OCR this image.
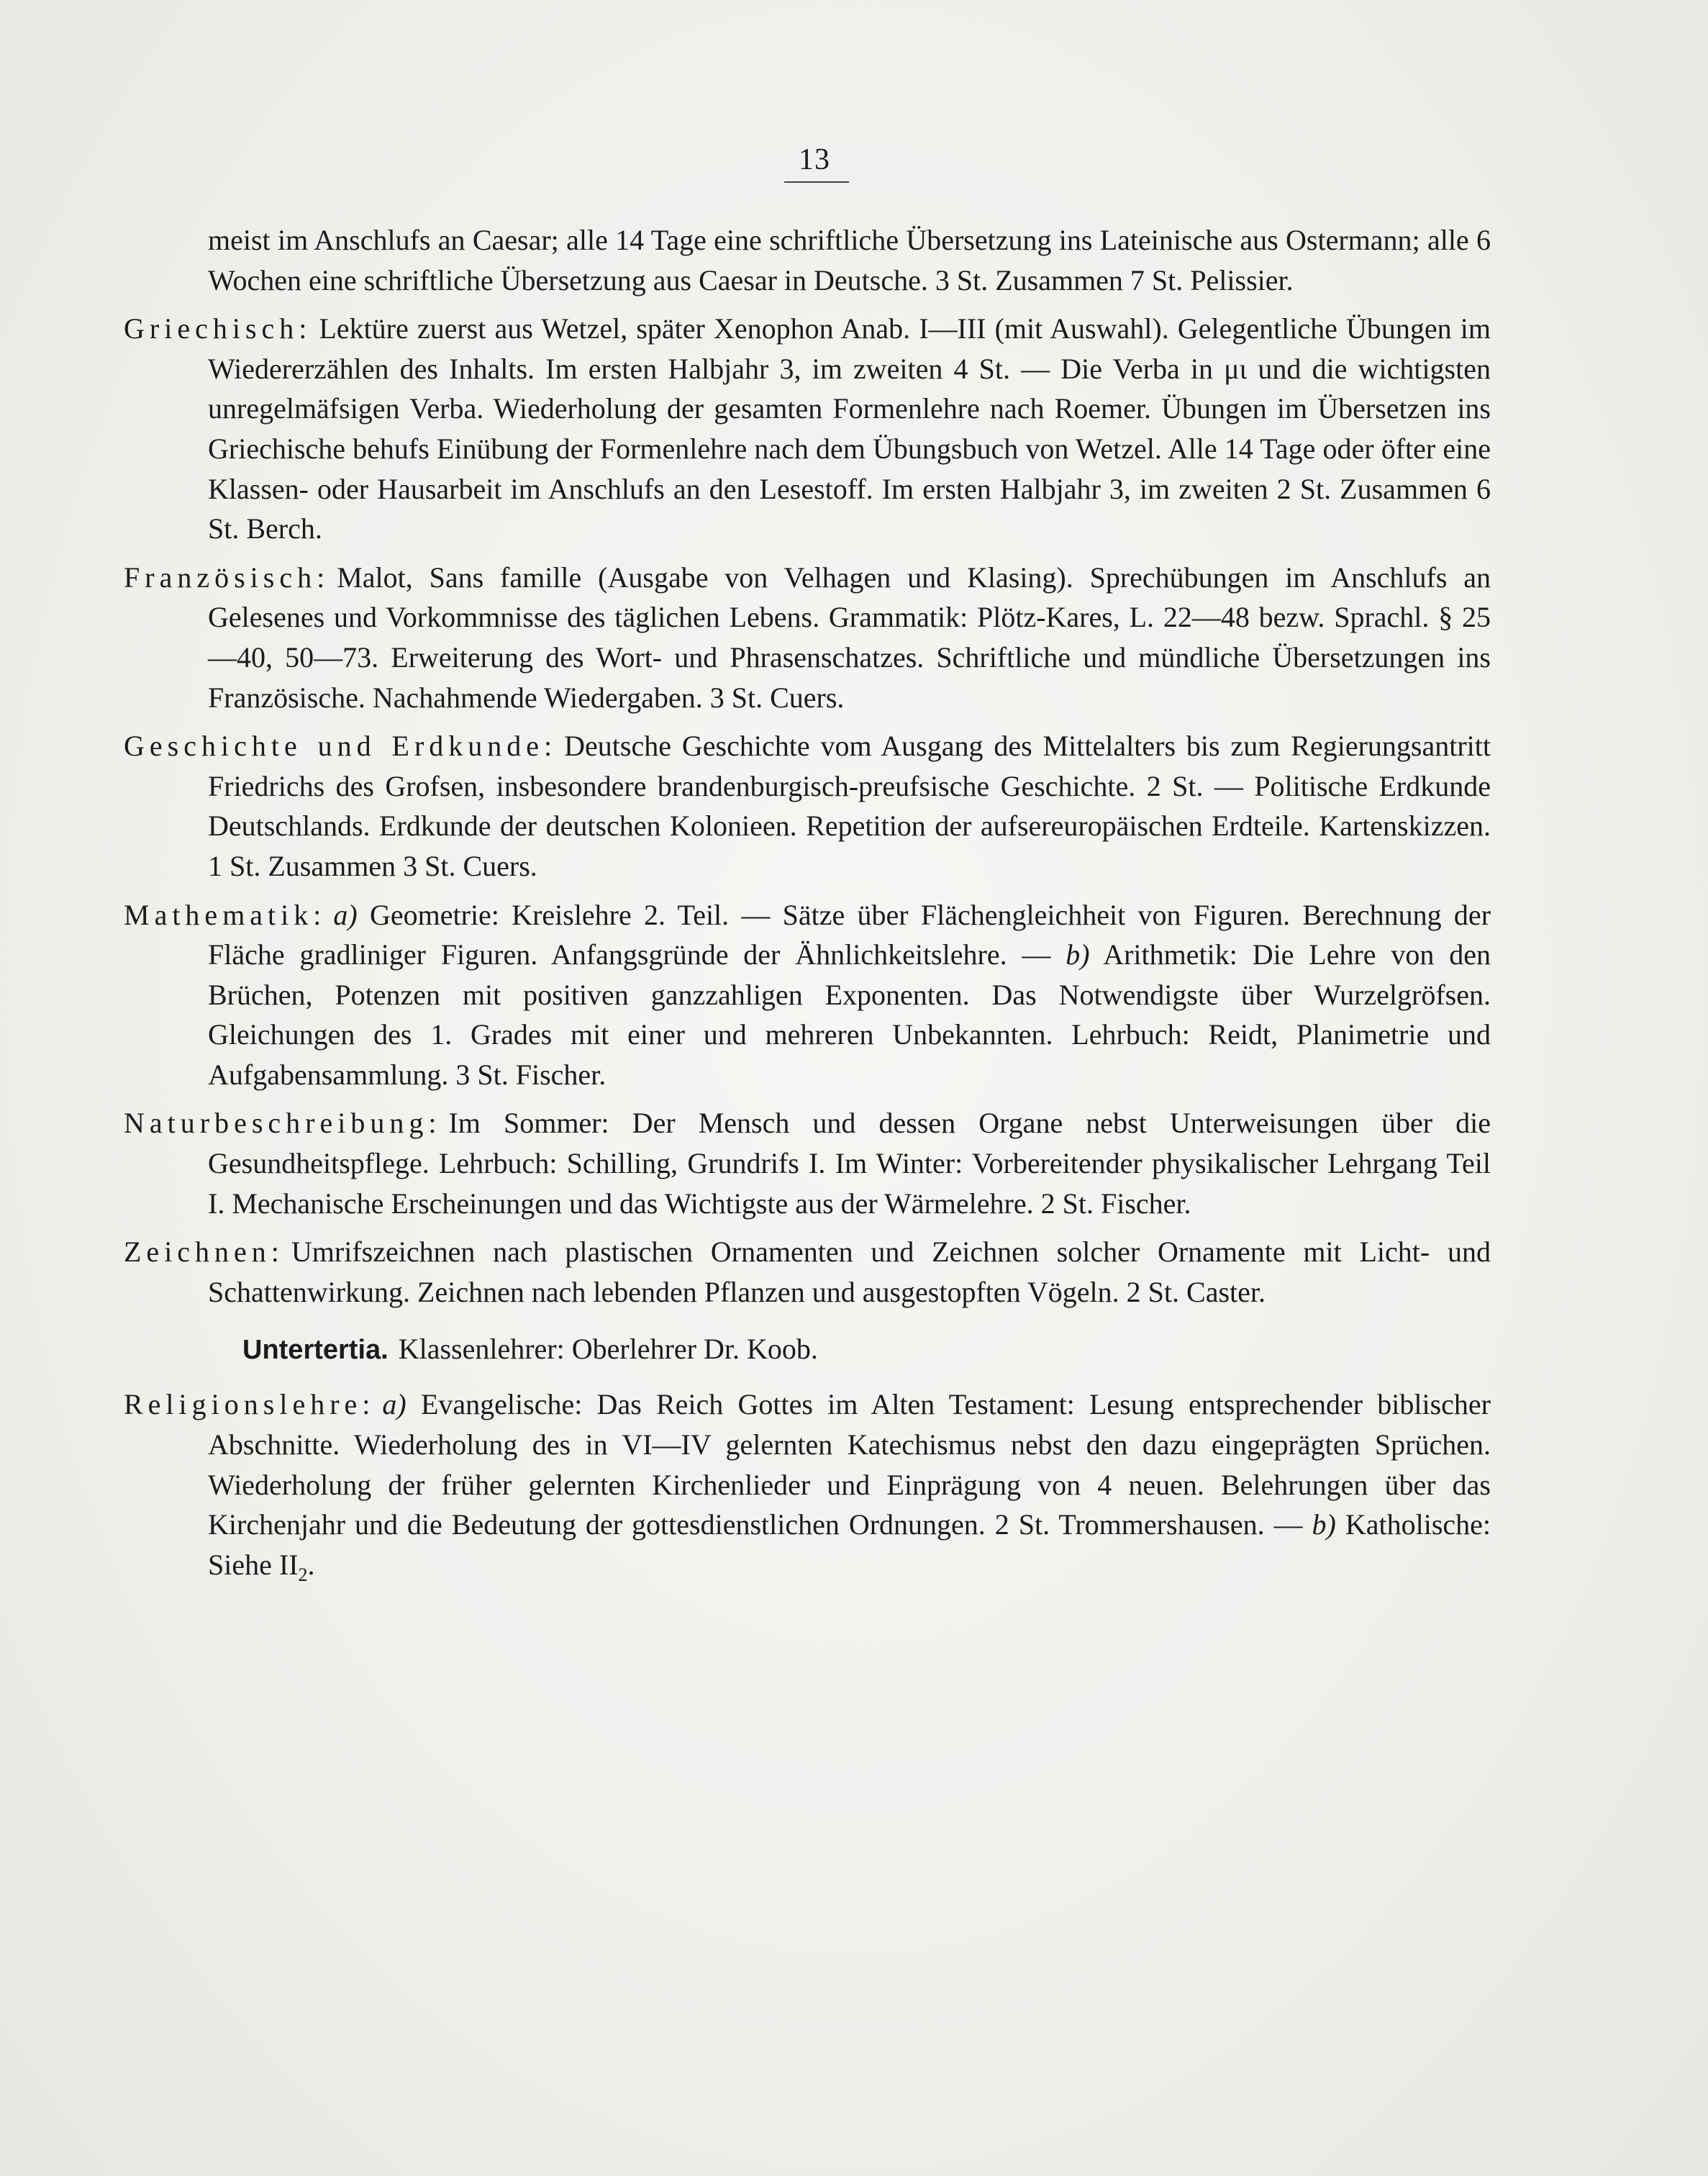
13

meist im Anschlufs an Caesar; alle 14 Tage eine schriftliche Übersetzung ins Lateinische aus Ostermann; alle 6 Wochen eine schriftliche Übersetzung aus Caesar in Deutsche. 3 St. Zusammen 7 St. Pelissier.

Griechisch: Lektüre zuerst aus Wetzel, später Xenophon Anab. I—III (mit Auswahl). Gelegentliche Übungen im Wiedererzählen des Inhalts. Im ersten Halbjahr 3, im zweiten 4 St. — Die Verba in μι und die wichtigsten unregelmäfsigen Verba. Wiederholung der gesamten Formenlehre nach Roemer. Übungen im Übersetzen ins Griechische behufs Einübung der Formenlehre nach dem Übungsbuch von Wetzel. Alle 14 Tage oder öfter eine Klassen- oder Hausarbeit im Anschlufs an den Lesestoff. Im ersten Halbjahr 3, im zweiten 2 St. Zusammen 6 St. Berch.

Französisch: Malot, Sans famille (Ausgabe von Velhagen und Klasing). Sprechübungen im Anschlufs an Gelesenes und Vorkommnisse des täglichen Lebens. Grammatik: Plötz-Kares, L. 22—48 bezw. Sprachl. § 25—40, 50—73. Erweiterung des Wort- und Phrasenschatzes. Schriftliche und mündliche Übersetzungen ins Französische. Nachahmende Wiedergaben. 3 St. Cuers.

Geschichte und Erdkunde: Deutsche Geschichte vom Ausgang des Mittelalters bis zum Regierungsantritt Friedrichs des Grofsen, insbesondere brandenburgisch-preufsische Geschichte. 2 St. — Politische Erdkunde Deutschlands. Erdkunde der deutschen Kolonieen. Repetition der aufsereuropäischen Erdteile. Kartenskizzen. 1 St. Zusammen 3 St. Cuers.

Mathematik: a) Geometrie: Kreislehre 2. Teil. — Sätze über Flächengleichheit von Figuren. Berechnung der Fläche gradliniger Figuren. Anfangsgründe der Ähnlichkeitslehre. — b) Arithmetik: Die Lehre von den Brüchen, Potenzen mit positiven ganzzahligen Exponenten. Das Notwendigste über Wurzelgröfsen. Gleichungen des 1. Grades mit einer und mehreren Unbekannten. Lehrbuch: Reidt, Planimetrie und Aufgabensammlung. 3 St. Fischer.

Naturbeschreibung: Im Sommer: Der Mensch und dessen Organe nebst Unterweisungen über die Gesundheitspflege. Lehrbuch: Schilling, Grundrifs I. Im Winter: Vorbereitender physikalischer Lehrgang Teil I. Mechanische Erscheinungen und das Wichtigste aus der Wärmelehre. 2 St. Fischer.

Zeichnen: Umrifszeichnen nach plastischen Ornamenten und Zeichnen solcher Ornamente mit Licht- und Schattenwirkung. Zeichnen nach lebenden Pflanzen und ausgestopften Vögeln. 2 St. Caster.

Untertertia. Klassenlehrer: Oberlehrer Dr. Koob.

Religionslehre: a) Evangelische: Das Reich Gottes im Alten Testament: Lesung entsprechender biblischer Abschnitte. Wiederholung des in VI—IV gelernten Katechismus nebst den dazu eingeprägten Sprüchen. Wiederholung der früher gelernten Kirchenlieder und Einprägung von 4 neuen. Belehrungen über das Kirchenjahr und die Bedeutung der gottesdienstlichen Ordnungen. 2 St. Trommershausen. — b) Katholische: Siehe $II_2$.
